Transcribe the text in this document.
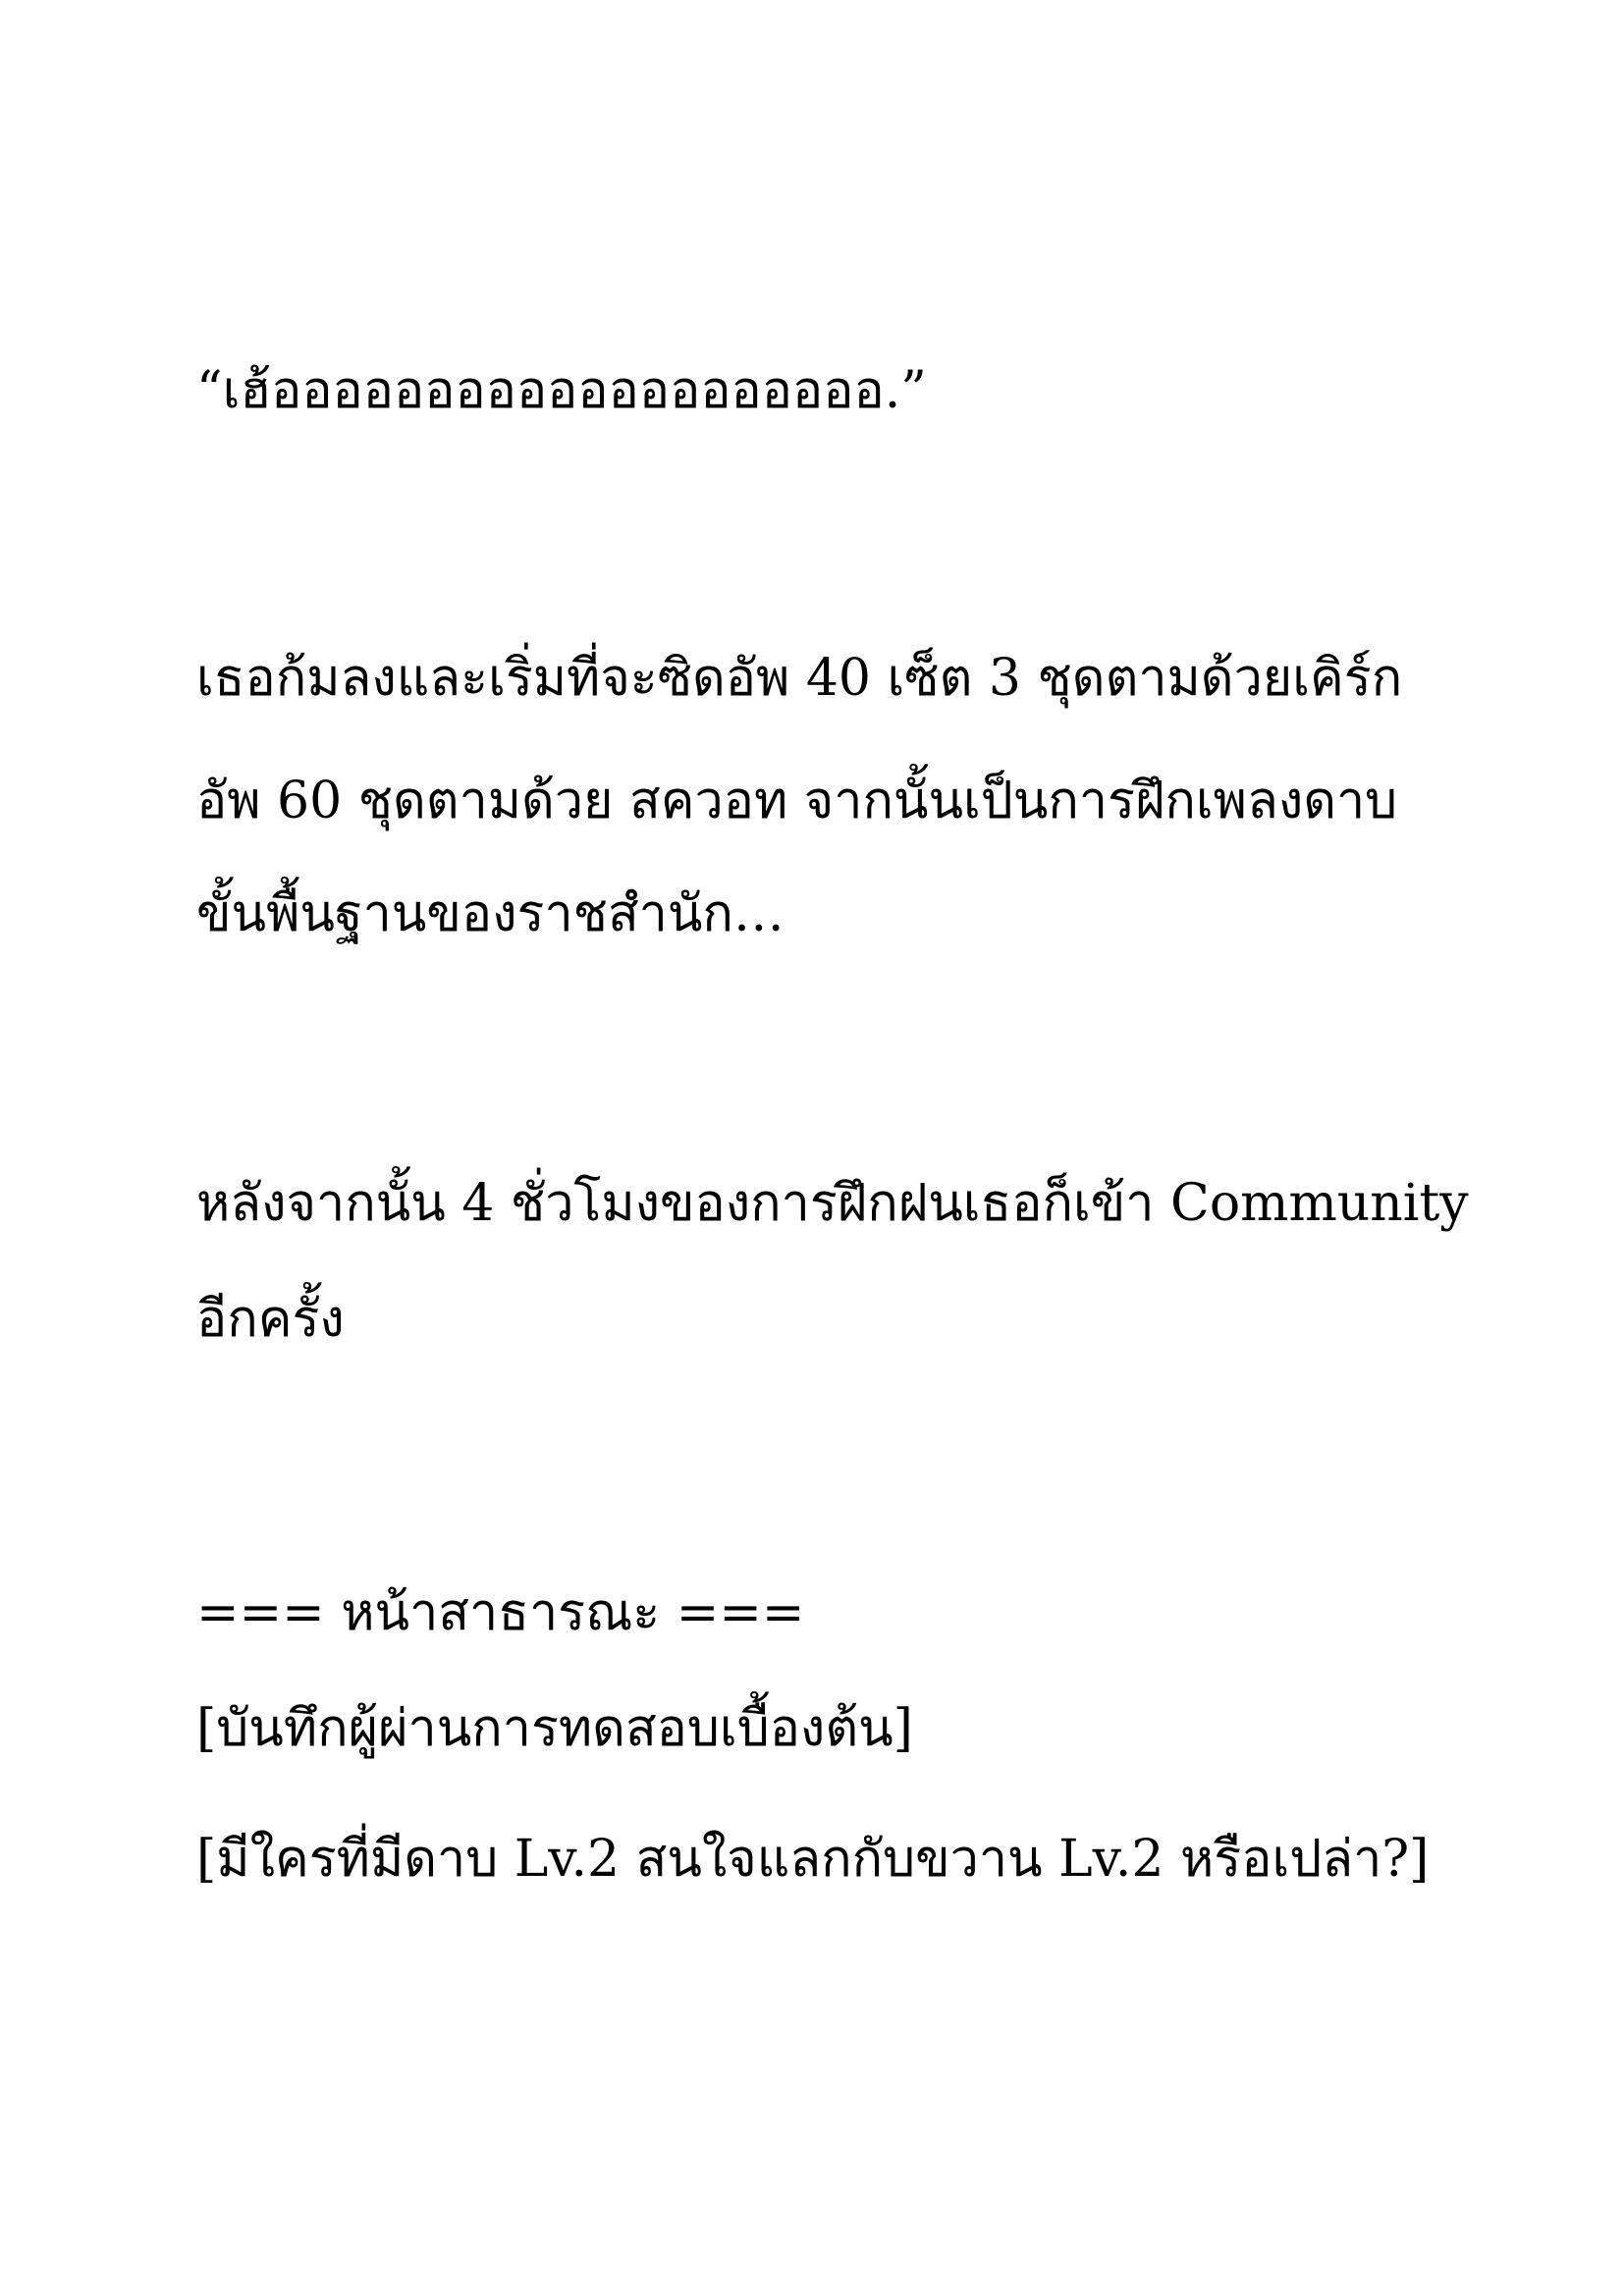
“เฮ้ออออออออออออออออออออ.”
เธอก้มลงและเริ่มที่จะซิดอัพ 40 เซ็ต 3 ชุดตามด้วยเคิร์ก
อัพ 60 ชุดตามด้วย สควอท จากนั้นเป็นการฝึกเพลงดาบ
ขั้นพื้นฐานของราชสำนัก…
หลังจากนั้น 4 ชั่วโมงของการฝึกฝนเธอก็เข้า Community
อีกครั้ง
=== หน้าสาธารณะ ===
[บันทึกผู้ผ่านการทดสอบเบื้องต้น]
[มีใครที่มีดาบ Lv.2 สนใจแลกกับขวาน Lv.2 หรือเปล่า?]
